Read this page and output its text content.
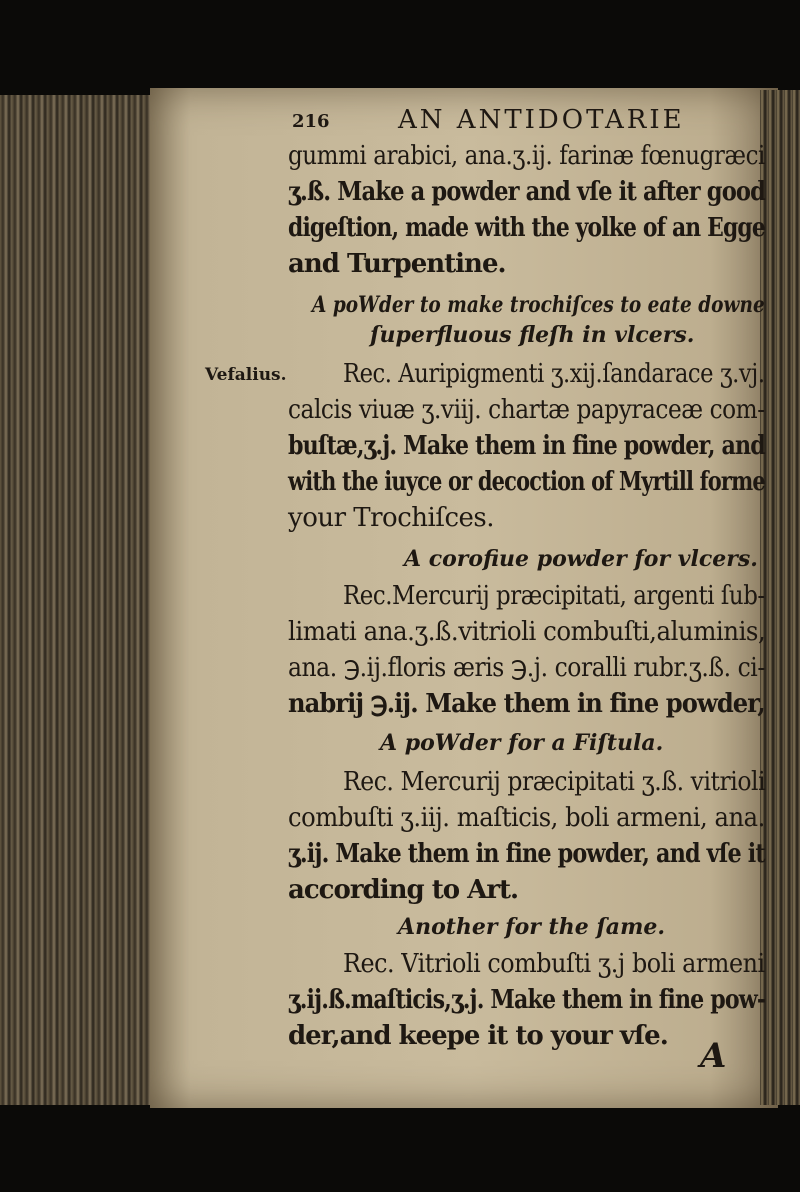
216	AN ANTIDOTARIE
gummi arabici, ana.ʒ.ij. farinæ fœnugræci
ʒ.ß. Make a powder and vſe it after good
digeſtion, made with the yolke of an Egge
and Turpentine.
A poWder to make trochiſces to eate downe
ſuperfluous fleſh in vlcers.
Vefalius. Rec. Auripigmenti ʒ.xij.ſandarace ʒ.vj.
calcis viuæ ʒ.viij. chartæ papyraceæ com-
buſtæ,ʒ.j. Make them in fine powder, and
with the iuyce or decoction of Myrtill forme
your Trochiſces.
A corofiue powder for vlcers.
Rec.Mercurij præcipitati, argenti ſub-
limati ana.ʒ.ß.vitrioli combuſti,aluminis,
ana. ℈.ij.floris æris ℈.j. coralli rubr.ʒ.ß. ci-
nabrij ℈.ij. Make them in fine powder,
A poWder for a Fiſtula.
Rec. Mercurij præcipitati ʒ.ß. vitrioli
combuſti ʒ.iij. maſticis, boli armeni, ana.
ʒ.ij. Make them in fine powder, and vſe it
according to Art.
Another for the ſame.
Rec. Vitrioli combuſti ʒ.j boli armeni
ʒ.ij.ß.maſticis,ʒ.j. Make them in fine pow-
der,and keepe it to your vſe. A
